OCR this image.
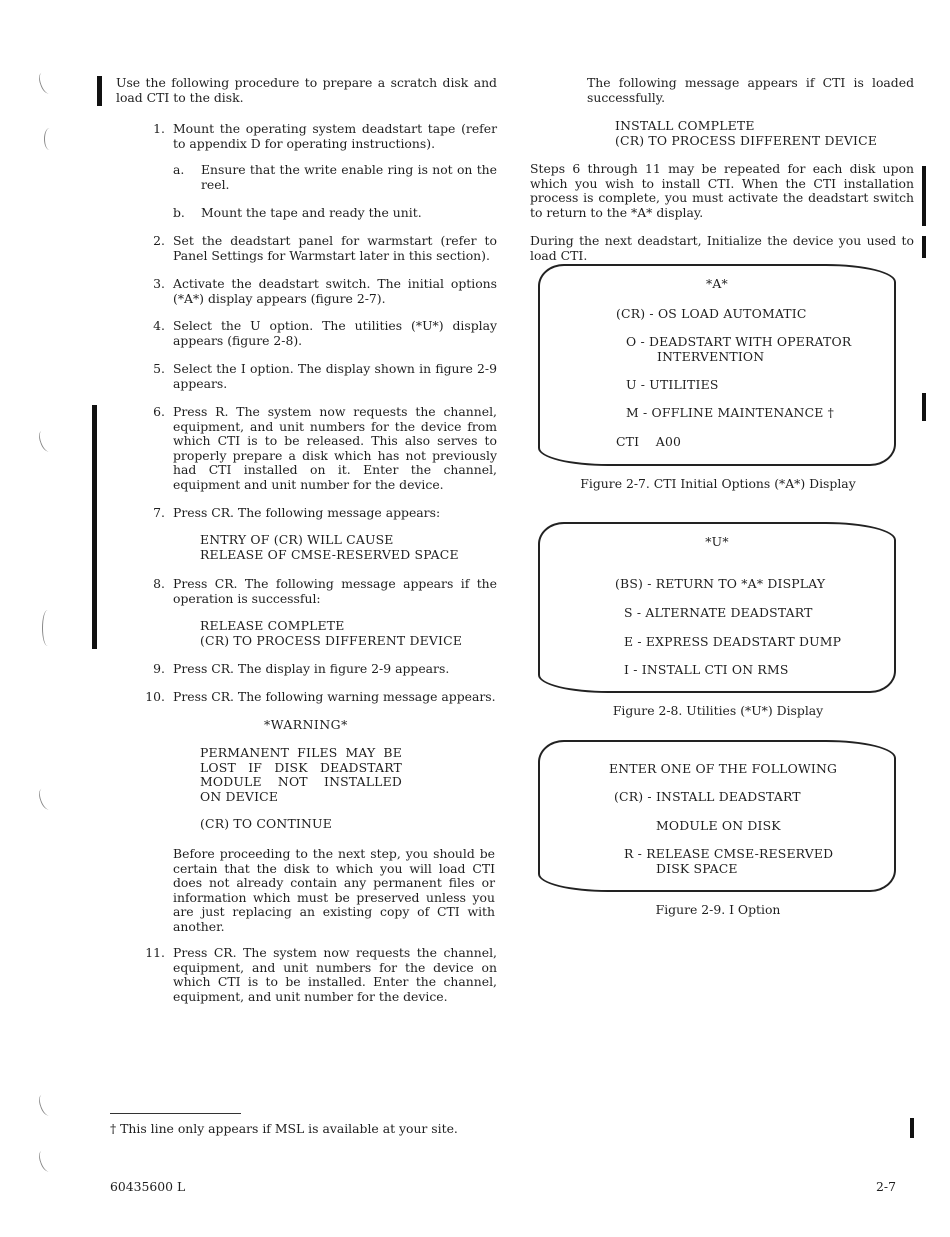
Use the following procedure to prepare a scratch disk and load CTI to the disk.
1. Mount the operating system deadstart tape (refer to appendix D for operating instructions).
a. Ensure that the write enable ring is not on the reel.
b. Mount the tape and ready the unit.
2. Set the deadstart panel for warmstart (refer to Panel Settings for Warmstart later in this section).
3. Activate the deadstart switch. The initial options (*A*) display appears (figure 2-7).
4. Select the U option. The utilities (*U*) display appears (figure 2-8).
5. Select the I option. The display shown in figure 2-9 appears.
6. Press R. The system now requests the channel, equipment, and unit numbers for the device from which CTI is to be released. This also serves to properly prepare a disk which has not previously had CTI installed on it. Enter the channel, equipment and unit number for the device.
7. Press CR. The following message appears:
ENTRY OF (CR) WILL CAUSE
RELEASE OF CMSE-RESERVED SPACE
8. Press CR. The following message appears if the operation is successful:
RELEASE COMPLETE
(CR) TO PROCESS DIFFERENT DEVICE
9. Press CR. The display in figure 2-9 appears.
10. Press CR. The following warning message appears.
*WARNING*
PERMANENT FILES MAY BE
LOST IF DISK DEADSTART
MODULE NOT INSTALLED
ON DEVICE
(CR) TO CONTINUE
Before proceeding to the next step, you should be certain that the disk to which you will load CTI does not already contain any permanent files or information which must be preserved unless you are just replacing an existing copy of CTI with another.
11. Press CR. The system now requests the channel, equipment, and unit numbers for the device on which CTI is to be installed. Enter the channel, equipment, and unit number for the device.
The following message appears if CTI is loaded successfully.
INSTALL COMPLETE
(CR) TO PROCESS DIFFERENT DEVICE
Steps 6 through 11 may be repeated for each disk upon which you wish to install CTI. When the CTI installation process is complete, you must activate the deadstart switch to return to the *A* display.
During the next deadstart, Initialize the device you used to load CTI.
*A*
(CR) - OS LOAD AUTOMATIC
O - DEADSTART WITH OPERATOR
INTERVENTION
U - UTILITIES
M - OFFLINE MAINTENANCE †
CTI    A00
Figure 2-7. CTI Initial Options (*A*) Display
*U*
(BS) - RETURN TO *A* DISPLAY
S - ALTERNATE DEADSTART
E - EXPRESS DEADSTART DUMP
I - INSTALL CTI ON RMS
Figure 2-8. Utilities (*U*) Display
ENTER ONE OF THE FOLLOWING
(CR) - INSTALL DEADSTART
MODULE ON DISK
R - RELEASE CMSE-RESERVED
DISK SPACE
Figure 2-9. I Option
† This line only appears if MSL is available at your site.
60435600 L	2-7
